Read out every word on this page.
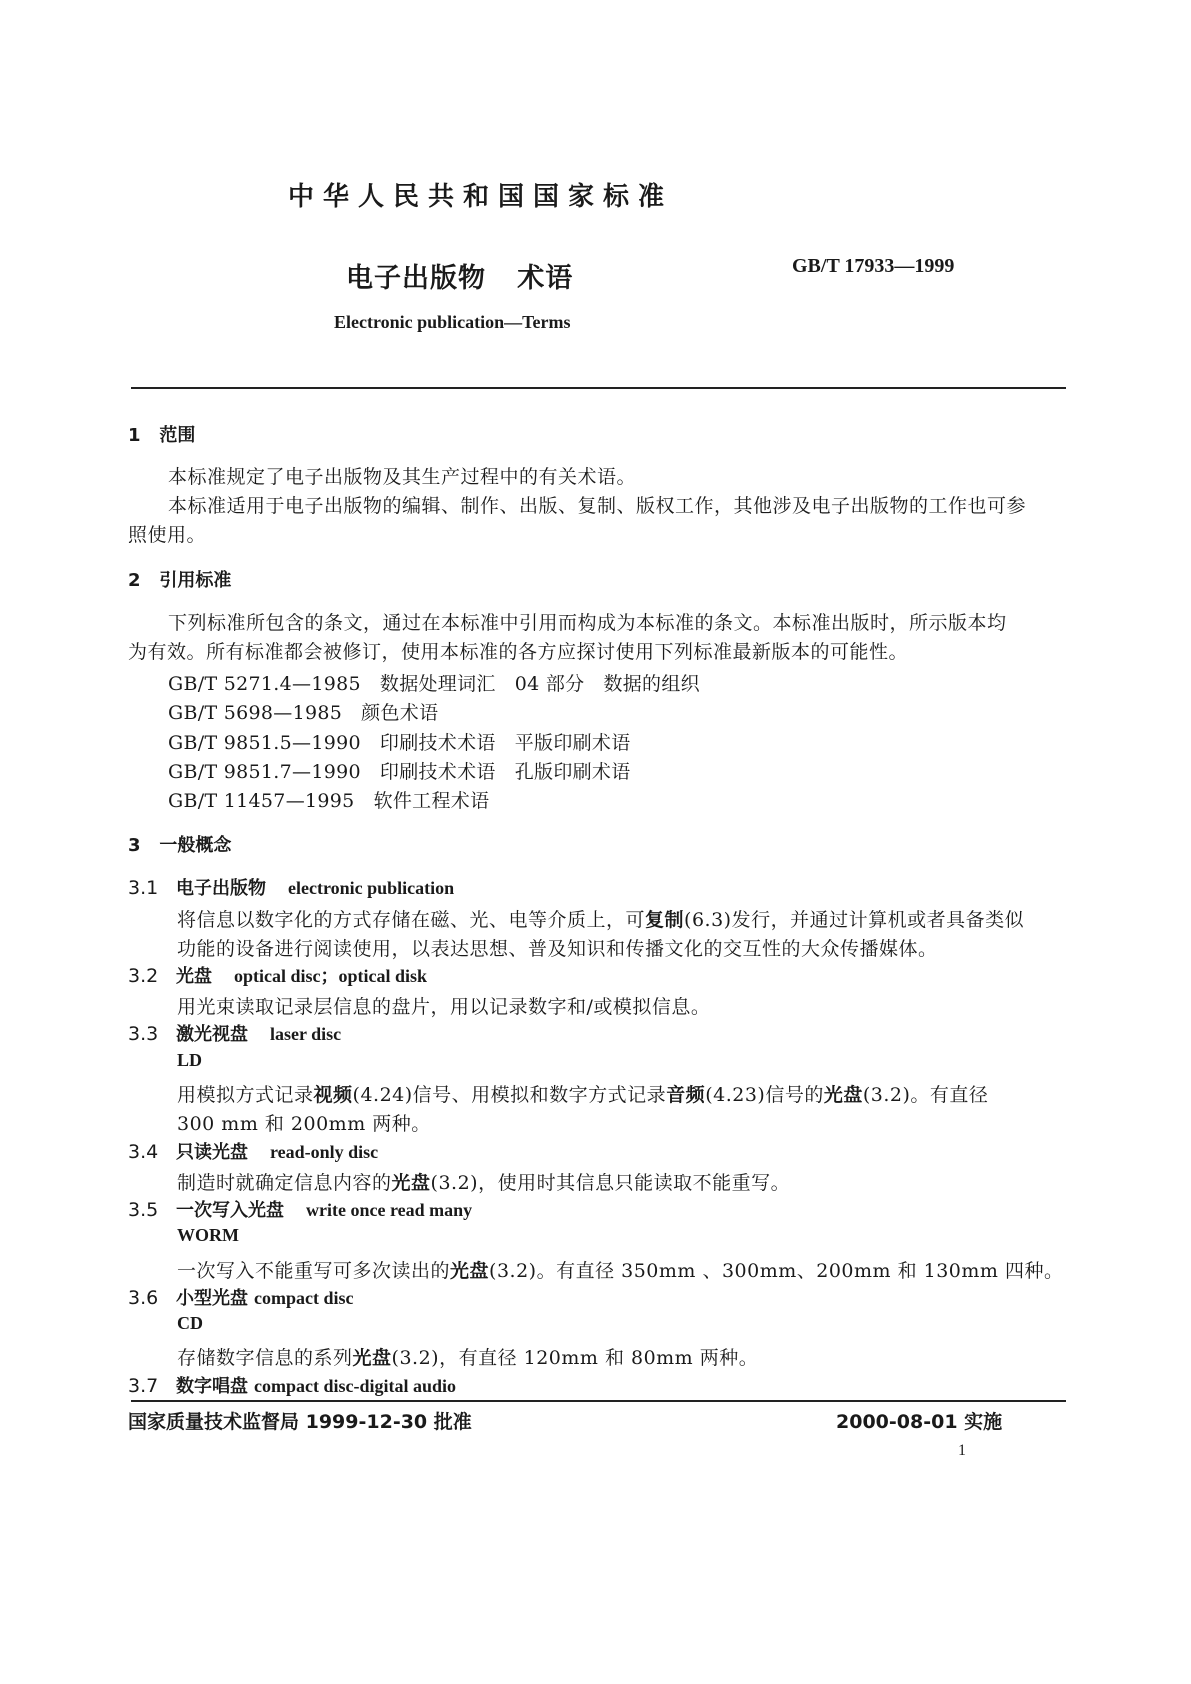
中华人民共和国国家标准
电子出版物   术语	GB/T 17933—1999
Electronic publication—Terms
1   范围
本标准规定了电子出版物及其生产过程中的有关术语。
本标准适用于电子出版物的编辑、制作、出版、复制、版权工作，其他涉及电子出版物的工作也可参
照使用。
2   引用标准
下列标准所包含的条文，通过在本标准中引用而构成为本标准的条文。本标准出版时，所示版本均
为有效。所有标准都会被修订，使用本标准的各方应探讨使用下列标准最新版本的可能性。
GB/T 5271.4—1985   数据处理词汇   04 部分   数据的组织
GB/T 5698—1985   颜色术语
GB/T 9851.5—1990   印刷技术术语   平版印刷术语
GB/T 9851.7—1990   印刷技术术语   孔版印刷术语
GB/T 11457—1995   软件工程术语
3   一般概念
3.1 电子出版物 electronic publication
将信息以数字化的方式存储在磁、光、电等介质上，可复制(6.3)发行，并通过计算机或者具备类似
功能的设备进行阅读使用，以表达思想、普及知识和传播文化的交互性的大众传播媒体。
3.2 光盘 optical disc；optical disk
用光束读取记录层信息的盘片，用以记录数字和/或模拟信息。
3.3 激光视盘 laser disc
LD
用模拟方式记录视频(4.24)信号、用模拟和数字方式记录音频(4.23)信号的光盘(3.2)。有直径
300 mm 和 200mm 两种。
3.4 只读光盘 read-only disc
制造时就确定信息内容的光盘(3.2)，使用时其信息只能读取不能重写。
3.5 一次写入光盘 write once read many
WORM
一次写入不能重写可多次读出的光盘(3.2)。有直径 350mm 、300mm、200mm 和 130mm 四种。
3.6 小型光盘 compact disc
CD
存储数字信息的系列光盘(3.2)，有直径 120mm 和 80mm 两种。
3.7 数字唱盘 compact disc-digital audio
国家质量技术监督局 1999-12-30 批准	2000-08-01 实施
1
